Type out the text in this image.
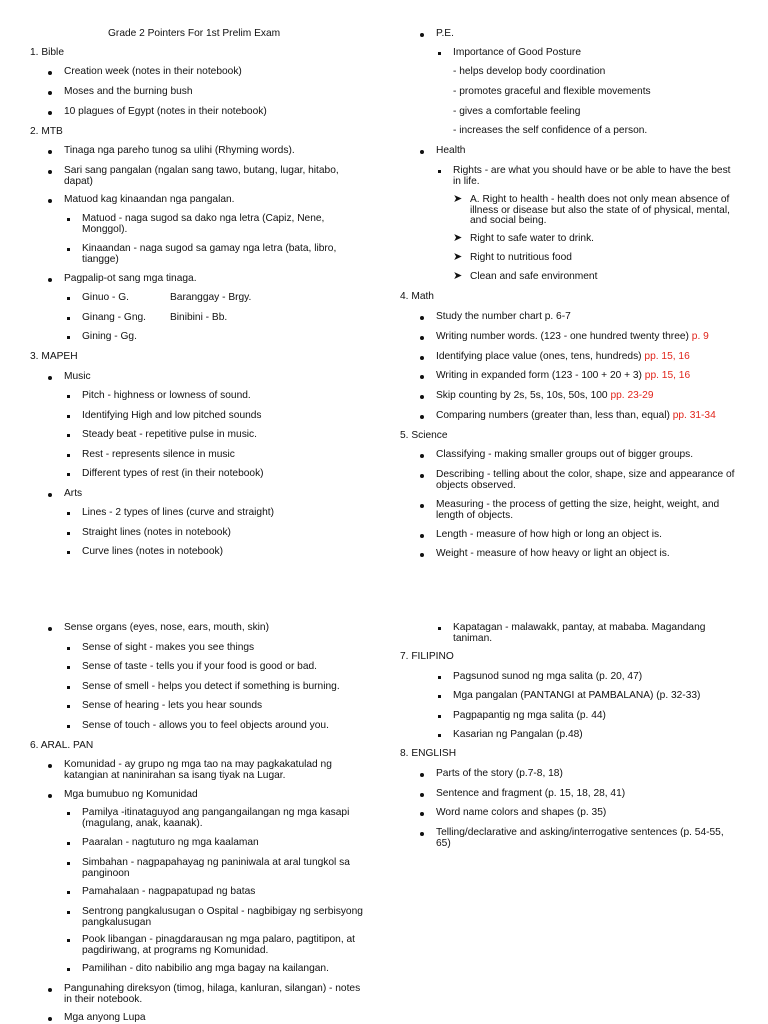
Grade 2 Pointers For 1st Prelim Exam
1. Bible
Creation week (notes in their notebook)
Moses and the burning bush
10 plagues of Egypt (notes in their notebook)
2. MTB
Tinaga nga pareho tunog sa ulihi (Rhyming words).
Sari sang pangalan (ngalan sang tawo, butang, lugar, hitabo, dapat)
Matuod kag kinaandan nga pangalan.
Matuod - naga sugod sa dako nga letra (Capiz, Nene, Monggol).
Kinaandan - naga sugod sa gamay nga letra (bata, libro, tiangge)
Pagpalip-ot sang mga tinaga.
Ginuo - G.	Baranggay - Brgy.
Ginang - Gng. Binibini - Bb.
Gining - Gg.
3. MAPEH
Music
Pitch - highness or lowness of sound.
Identifying High and low pitched sounds
Steady beat - repetitive pulse in music.
Rest - represents silence in music
Different types of rest (in their notebook)
Arts
Lines - 2 types of lines (curve and straight)
Straight lines (notes in notebook)
Curve lines (notes in notebook)
P.E.
Importance of Good Posture
- helps develop body coordination
- promotes graceful and flexible movements
- gives a comfortable feeling
- increases the self confidence of a person.
Health
Rights - are what you should have or be able to have the best in life.
➤ A. Right to health - health does not only mean absence of illness or disease but also the state of of physical, mental, and social being.
➤ Right to safe water to drink.
➤ Right to nutritious food
➤ Clean and safe environment
4. Math
Study the number chart p. 6-7
Writing number words. (123 - one hundred twenty three) p. 9
Identifying place value (ones, tens, hundreds) pp. 15, 16
Writing in expanded form (123 - 100 + 20 + 3) pp. 15, 16
Skip counting by 2s, 5s, 10s, 50s, 100 pp. 23-29
Comparing numbers (greater than, less than, equal) pp. 31-34
5. Science
Classifying - making smaller groups out of bigger groups.
Describing - telling about the color, shape, size and appearance of objects observed.
Measuring - the process of getting the size, height, weight, and length of objects.
Length - measure of how high or long an object is.
Weight - measure of how heavy or light an object is.
Sense organs (eyes, nose, ears, mouth, skin)
Sense of sight - makes you see things
Sense of taste - tells you if your food is good or bad.
Sense of smell - helps you detect if something is burning.
Sense of hearing - lets you hear sounds
Sense of touch - allows you to feel objects around you.
6. ARAL. PAN
Komunidad - ay grupo ng mga tao na may pagkakatulad ng katangian at naninirahan sa isang tiyak na Lugar.
Mga bumubuo ng Komunidad
Pamilya -itinataguyod ang pangangailangan ng mga kasapi (magulang, anak, kaanak).
Paaralan - nagtuturo ng mga kaalaman
Simbahan - nagpapahayag ng paniniwala at aral tungkol sa panginoon
Pamahalaan - nagpapatupad ng batas
Sentrong pangkalusugan o Ospital - nagbibigay ng serbisyong pangkalusugan
Pook libangan - pinagdarausan ng mga palaro, pagtitipon, at pagdiriwang, at programs ng Komunidad.
Pamilihan - dito nabibilio ang mga bagay na kailangan.
Pangunahing direksyon (timog, hilaga, kanluran, silangan) - notes in their notebook.
Mga anyong Lupa
Kapatagan - malawakk, pantay, at mababa. Magandang taniman.
7. FILIPINO
Pagsunod sunod ng mga salita (p. 20, 47)
Mga pangalan (PANTANGI at PAMBALANA) (p. 32-33)
Pagpapantig ng mga salita (p. 44)
Kasarian ng Pangalan (p.48)
8. ENGLISH
Parts of the story (p.7-8, 18)
Sentence and fragment (p. 15, 18, 28, 41)
Word name colors and shapes (p. 35)
Telling/declarative and asking/interrogative sentences (p. 54-55, 65)
